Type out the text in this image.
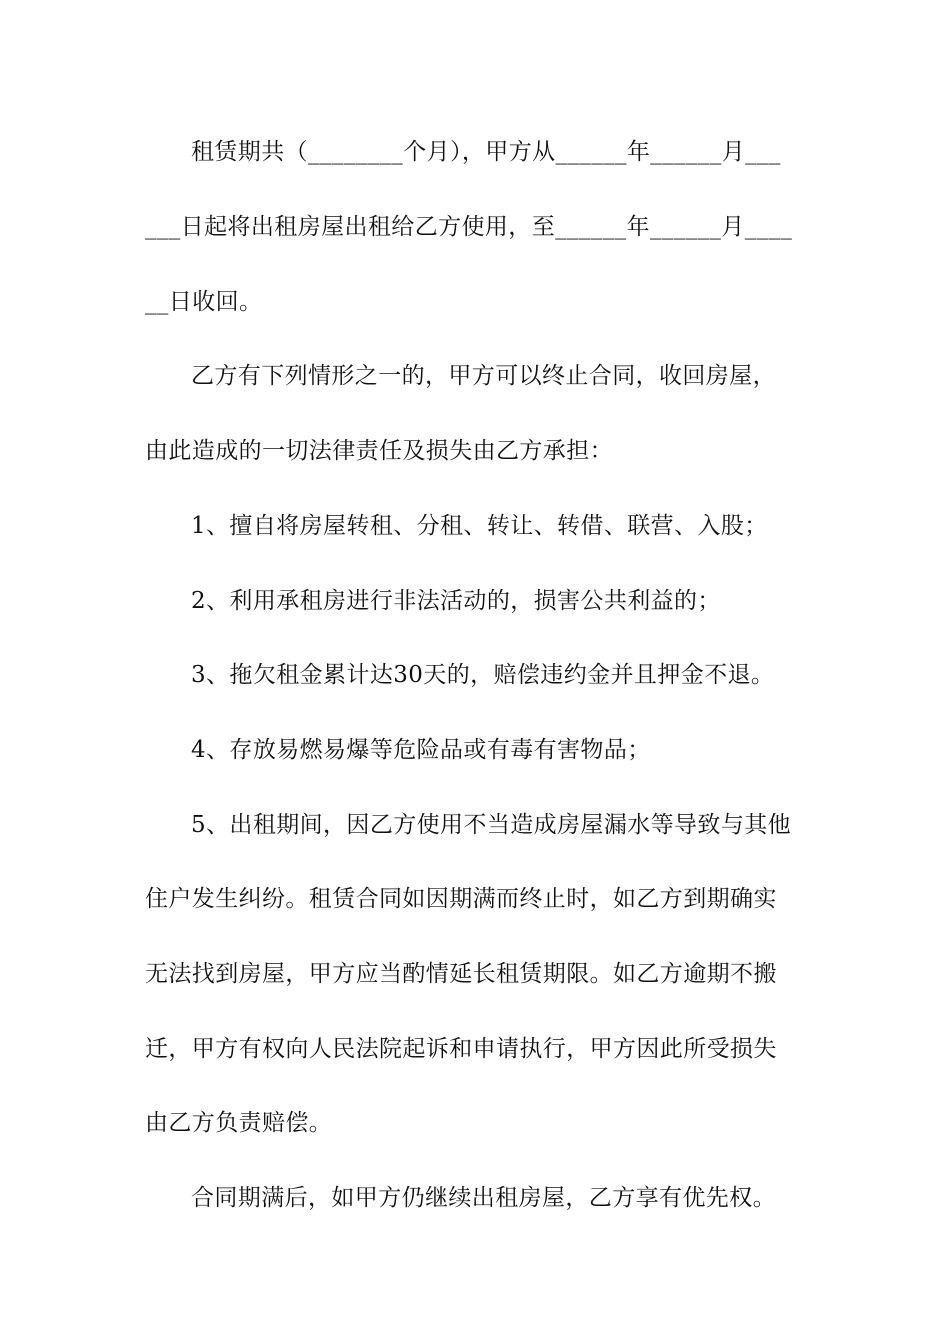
租赁期共（________个月），甲方从______年______月___
___日起将出租房屋出租给乙方使用，至______年______月____
__日收回。
乙方有下列情形之一的，甲方可以终止合同，收回房屋，
由此造成的一切法律责任及损失由乙方承担：
1、擅自将房屋转租、分租、转让、转借、联营、入股；
2、利用承租房进行非法活动的，损害公共利益的；
3、拖欠租金累计达30天的，赔偿违约金并且押金不退。
4、存放易燃易爆等危险品或有毒有害物品；
5、出租期间，因乙方使用不当造成房屋漏水等导致与其他
住户发生纠纷。租赁合同如因期满而终止时，如乙方到期确实
无法找到房屋，甲方应当酌情延长租赁期限。如乙方逾期不搬
迁，甲方有权向人民法院起诉和申请执行，甲方因此所受损失
由乙方负责赔偿。
合同期满后，如甲方仍继续出租房屋，乙方享有优先权。
